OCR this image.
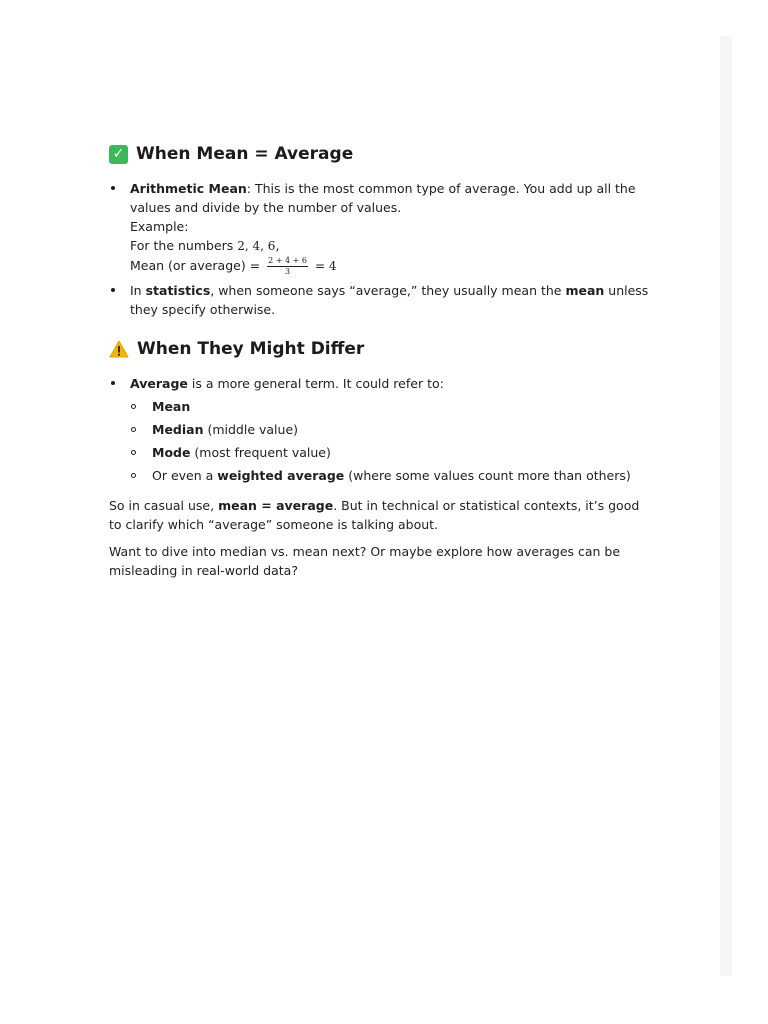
✓ When Mean = Average
Arithmetic Mean: This is the most common type of average. You add up all the values and divide by the number of values.
Example:
For the numbers 2, 4, 6,
Mean (or average) = $\frac{2 + 4 + 6}{3} = 4$
In statistics, when someone says “average,” they usually mean the mean unless they specify otherwise.
When They Might Differ
Average is a more general term. It could refer to:
Mean
Median (middle value)
Mode (most frequent value)
Or even a weighted average (where some values count more than others)

So in casual use, mean = average. But in technical or statistical contexts, it’s good to clarify which “average” someone is talking about.

Want to dive into median vs. mean next? Or maybe explore how averages can be misleading in real-world data?
